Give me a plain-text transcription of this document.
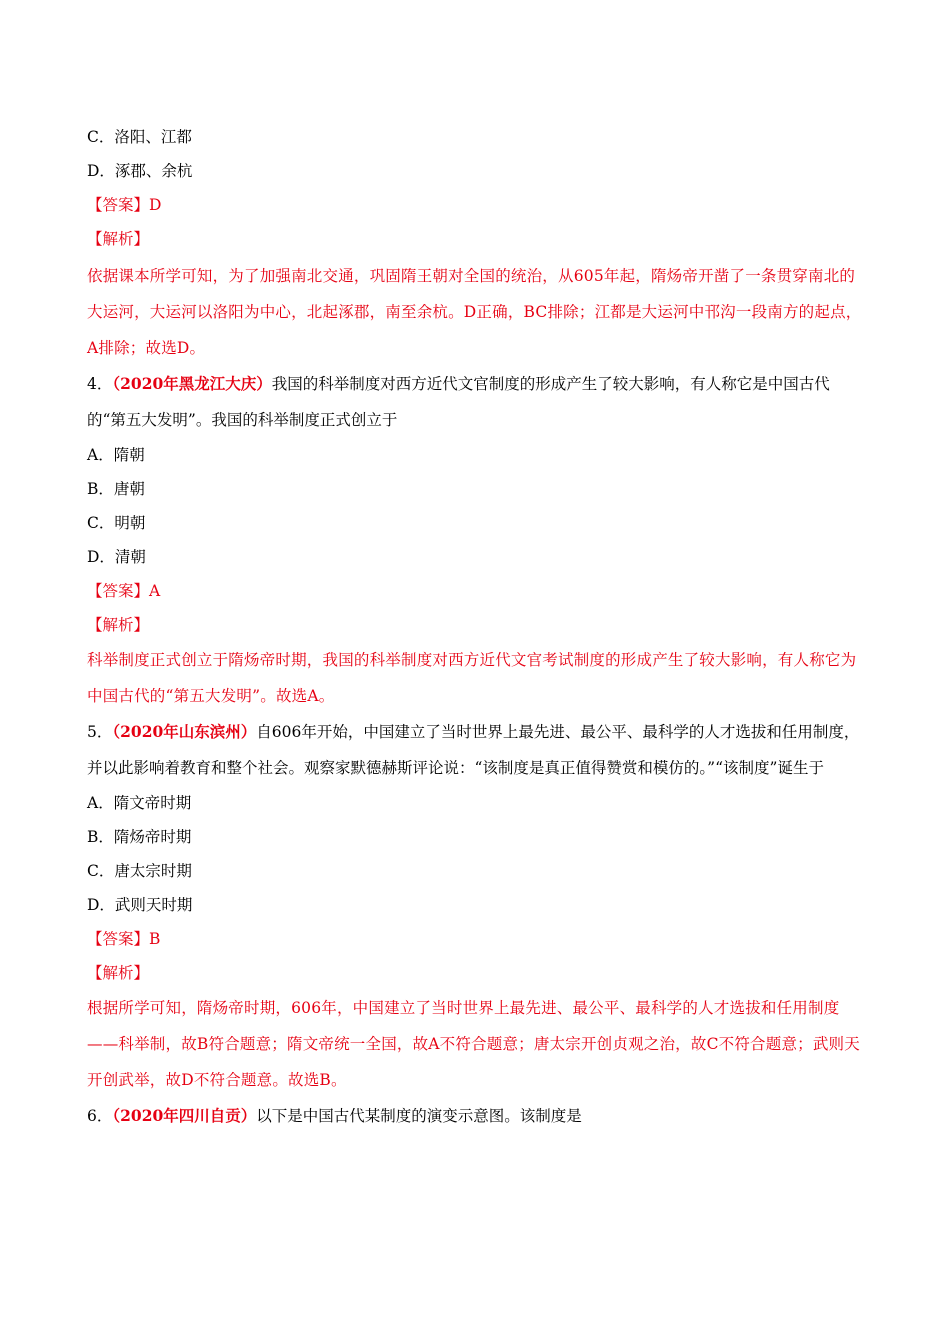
C．洛阳、江都
D．涿郡、余杭
【答案】D
【解析】
依据课本所学可知，为了加强南北交通，巩固隋王朝对全国的统治，从605年起，隋炀帝开凿了一条贯穿南北的大运河，大运河以洛阳为中心，北起涿郡，南至余杭。D正确，BC排除；江都是大运河中邗沟一段南方的起点，A排除；故选D。
4．（2020年黑龙江大庆）我国的科举制度对西方近代文官制度的形成产生了较大影响，有人称它是中国古代的“第五大发明”。我国的科举制度正式创立于
A．隋朝
B．唐朝
C．明朝
D．清朝
【答案】A
【解析】
科举制度正式创立于隋炀帝时期，我国的科举制度对西方近代文官考试制度的形成产生了较大影响，有人称它为中国古代的“第五大发明”。故选A。
5．（2020年山东滨州）自606年开始，中国建立了当时世界上最先进、最公平、最科学的人才选拔和任用制度，并以此影响着教育和整个社会。观察家默德赫斯评论说：“该制度是真正值得赞赏和模仿的。”“该制度”诞生于
A．隋文帝时期
B．隋炀帝时期
C．唐太宗时期
D．武则天时期
【答案】B
【解析】
根据所学可知，隋炀帝时期，606年，中国建立了当时世界上最先进、最公平、最科学的人才选拔和任用制度——科举制，故B符合题意；隋文帝统一全国，故A不符合题意；唐太宗开创贞观之治，故C不符合题意；武则天开创武举，故D不符合题意。故选B。
6．（2020年四川自贡）以下是中国古代某制度的演变示意图。该制度是
